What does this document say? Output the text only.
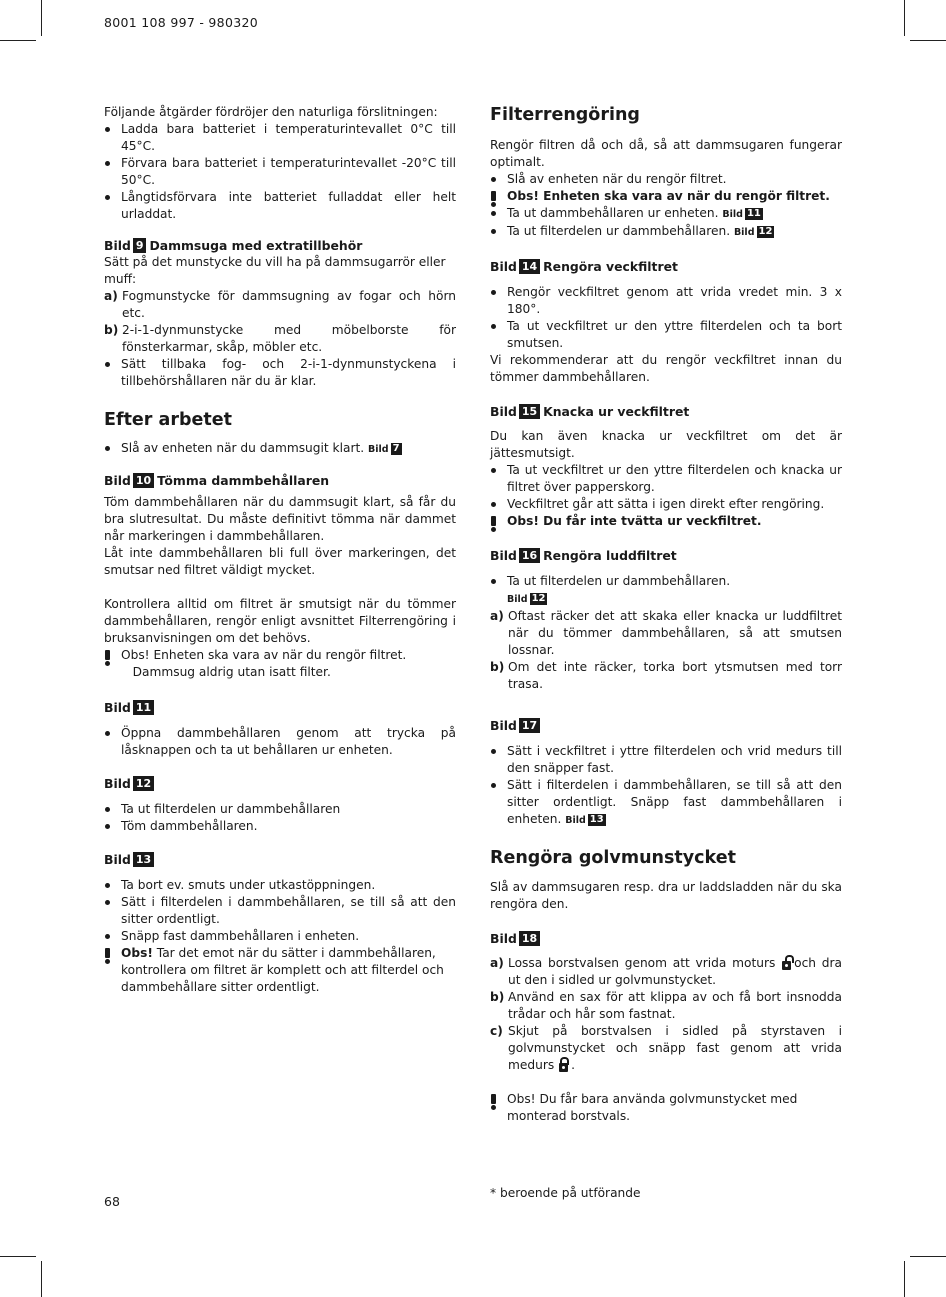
8001 108 997 - 980320

Följande åtgärder fördröjer den naturliga förslitningen:

Ladda bara batteriet i temperaturintevallet 0°C till 45°C.
Förvara bara batteriet i temperaturintevallet -20°C till 50°C.
Långtidsförvara inte batteriet fulladdat eller helt urladdat.
Bild 9 Dammsuga med extratillbehör

Sätt på det munstycke du vill ha på dammsugarrör eller muff:

a) Fogmunstycke för dammsugning av fogar och hörn etc.
b) 2-i-1-dynmunstycke med möbelborste för fönsterkarmar, skåp, möbler etc.
Sätt tillbaka fog- och 2-i-1-dynmunstyckena i tillbehörshållaren när du är klar.
Efter arbetet
Slå av enheten när du dammsugit klart. Bild 7
Bild 10 Tömma dammbehållaren

Töm dammbehållaren när du dammsugit klart, så får du bra slutresultat. Du måste definitivt tömma när dammet når markeringen i dammbehållaren.

Låt inte dammbehållaren bli full över markeringen, det smutsar ned filtret väldigt mycket.

Kontrollera alltid om filtret är smutsigt när du tömmer dammbehållaren, rengör enligt avsnittet Filterrengöring i bruksanvisningen om det behövs.

Obs! Enheten ska vara av när du rengör filtret.
Dammsug aldrig utan isatt filter.
Bild 11
Öppna dammbehållaren genom att trycka på låsknappen och ta ut behållaren ur enheten.
Bild 12
Ta ut filterdelen ur dammbehållaren
Töm dammbehållaren.
Bild 13
Ta bort ev. smuts under utkastöppningen.
Sätt i filterdelen i dammbehållaren, se till så att den sitter ordentligt.
Snäpp fast dammbehållaren i enheten.
Obs! Tar det emot när du sätter i dammbehållaren, kontrollera om filtret är komplett och att filterdel och dammbehållare sitter ordentligt.
Filterrengöring

Rengör filtren då och då, så att dammsugaren fungerar optimalt.

Slå av enheten när du rengör filtret.
Obs! Enheten ska vara av när du rengör filtret.
Ta ut dammbehållaren ur enheten. Bild 11
Ta ut filterdelen ur dammbehållaren. Bild 12
Bild 14 Rengöra veckfiltret
Rengör veckfiltret genom att vrida vredet min. 3 x 180°.
Ta ut veckfiltret ur den yttre filterdelen och ta bort smutsen.

Vi rekommenderar att du rengör veckfiltret innan du tömmer dammbehållaren.

Bild 15 Knacka ur veckfiltret

Du kan även knacka ur veckfiltret om det är jättesmutsigt.

Ta ut veckfiltret ur den yttre filterdelen och knacka ur filtret över papperskorg.
Veckfiltret går att sätta i igen direkt efter rengöring.
Obs! Du får inte tvätta ur veckfiltret.
Bild 16 Rengöra luddfiltret
Ta ut filterdelen ur dammbehållaren.
Bild 12
a) Oftast räcker det att skaka eller knacka ur luddfiltret när du tömmer dammbehållaren, så att smutsen lossnar.
b) Om det inte räcker, torka bort ytsmutsen med torr trasa.
Bild 17
Sätt i veckfiltret i yttre filterdelen och vrid medurs till den snäpper fast.
Sätt i filterdelen i dammbehållaren, se till så att den sitter ordentligt. Snäpp fast dammbehållaren i enheten. Bild 13
Rengöra golvmunstycket

Slå av dammsugaren resp. dra ur laddsladden när du ska rengöra den.

Bild 18
a) Lossa borstvalsen genom att vrida moturs och dra ut den i sidled ur golvmunstycket.
b) Använd en sax för att klippa av och få bort insnodda trådar och hår som fastnat.
c) Skjut på borstvalsen i sidled på styrstaven i golvmunstycket och snäpp fast genom att vrida medurs .
Obs! Du får bara använda golvmunstycket med monterad borstvals.
68
* beroende på utförande
